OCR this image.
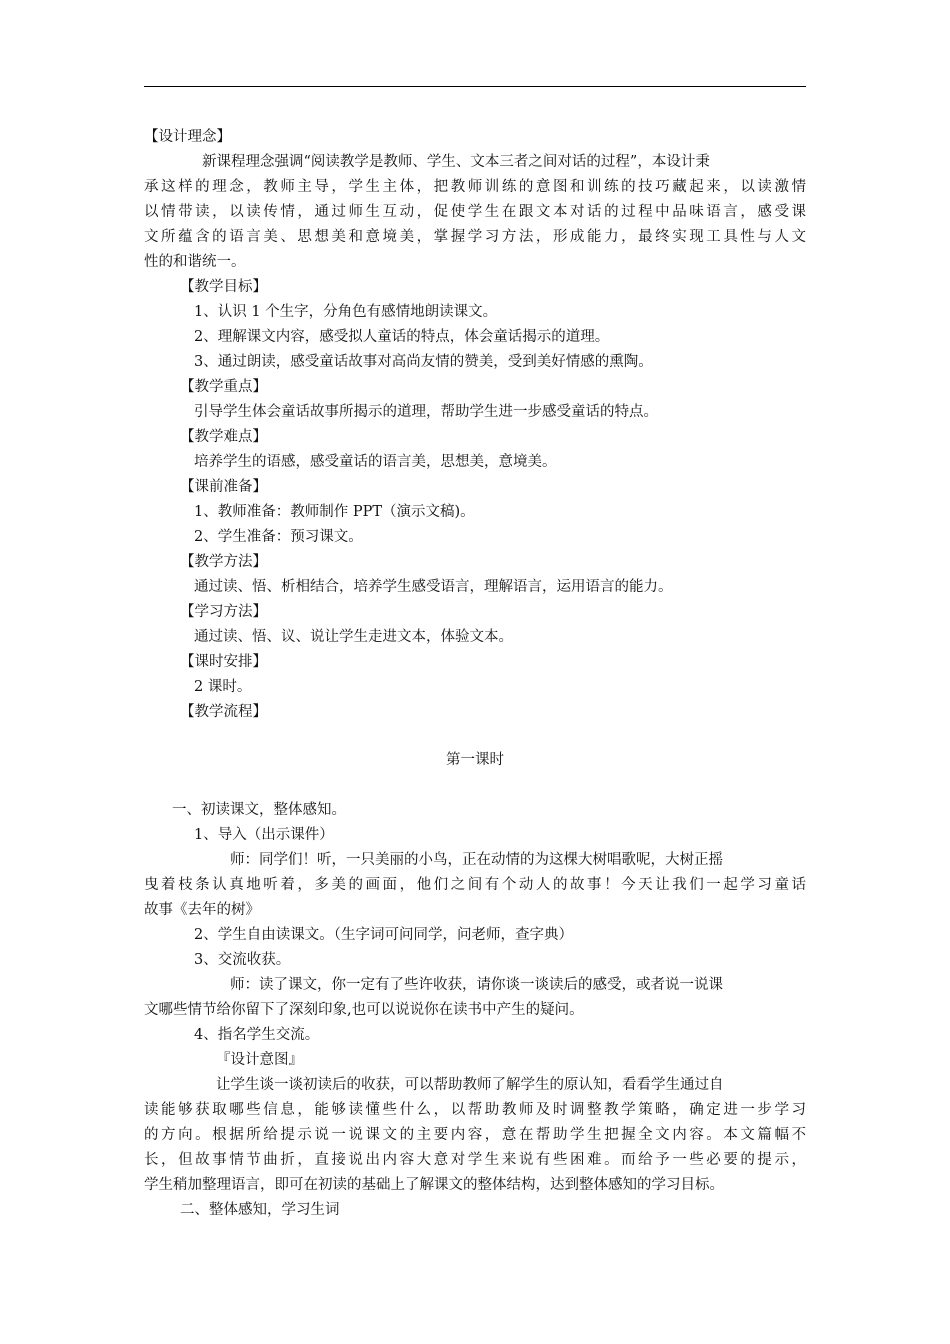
【设计理念】
新课程理念强调“阅读教学是教师、学生、文本三者之间对话的过程”，本设计秉
承这样的理念，教师主导，学生主体，把教师训练的意图和训练的技巧藏起来，以读激情
以情带读，以读传情，通过师生互动，促使学生在跟文本对话的过程中品味语言，感受课
文所蕴含的语言美、思想美和意境美，掌握学习方法，形成能力，最终实现工具性与人文
性的和谐统一。
【教学目标】
1、认识 1 个生字，分角色有感情地朗读课文。
2、理解课文内容，感受拟人童话的特点，体会童话揭示的道理。
3、通过朗读，感受童话故事对高尚友情的赞美，受到美好情感的熏陶。
【教学重点】
引导学生体会童话故事所揭示的道理，帮助学生进一步感受童话的特点。
【教学难点】
培养学生的语感，感受童话的语言美，思想美，意境美。
【课前准备】
1、教师准备：教师制作 PPT（演示文稿)。
2、学生准备：预习课文。
【教学方法】
通过读、悟、析相结合，培养学生感受语言，理解语言，运用语言的能力。
【学习方法】
通过读、悟、议、说让学生走进文本，体验文本。
【课时安排】
2 课时。
【教学流程】
第一课时
一、初读课文，整体感知。
1、导入（出示课件）
师：同学们！听，一只美丽的小鸟，正在动情的为这棵大树唱歌呢，大树正摇
曳着枝条认真地听着，多美的画面，他们之间有个动人的故事！今天让我们一起学习童话
故事《去年的树》
2、学生自由读课文。（生字词可问同学，问老师，查字典）
3、交流收获。
师：读了课文，你一定有了些许收获，请你谈一谈读后的感受，或者说一说课
文哪些情节给你留下了深刻印象,也可以说说你在读书中产生的疑问。
4、指名学生交流。
『设计意图』
让学生谈一谈初读后的收获，可以帮助教师了解学生的原认知，看看学生通过自
读能够获取哪些信息，能够读懂些什么，以帮助教师及时调整教学策略，确定进一步学习
的方向。根据所给提示说一说课文的主要内容，意在帮助学生把握全文内容。本文篇幅不
长，但故事情节曲折，直接说出内容大意对学生来说有些困难。而给予一些必要的提示，
学生稍加整理语言，即可在初读的基础上了解课文的整体结构，达到整体感知的学习目标。
二、整体感知，学习生词
